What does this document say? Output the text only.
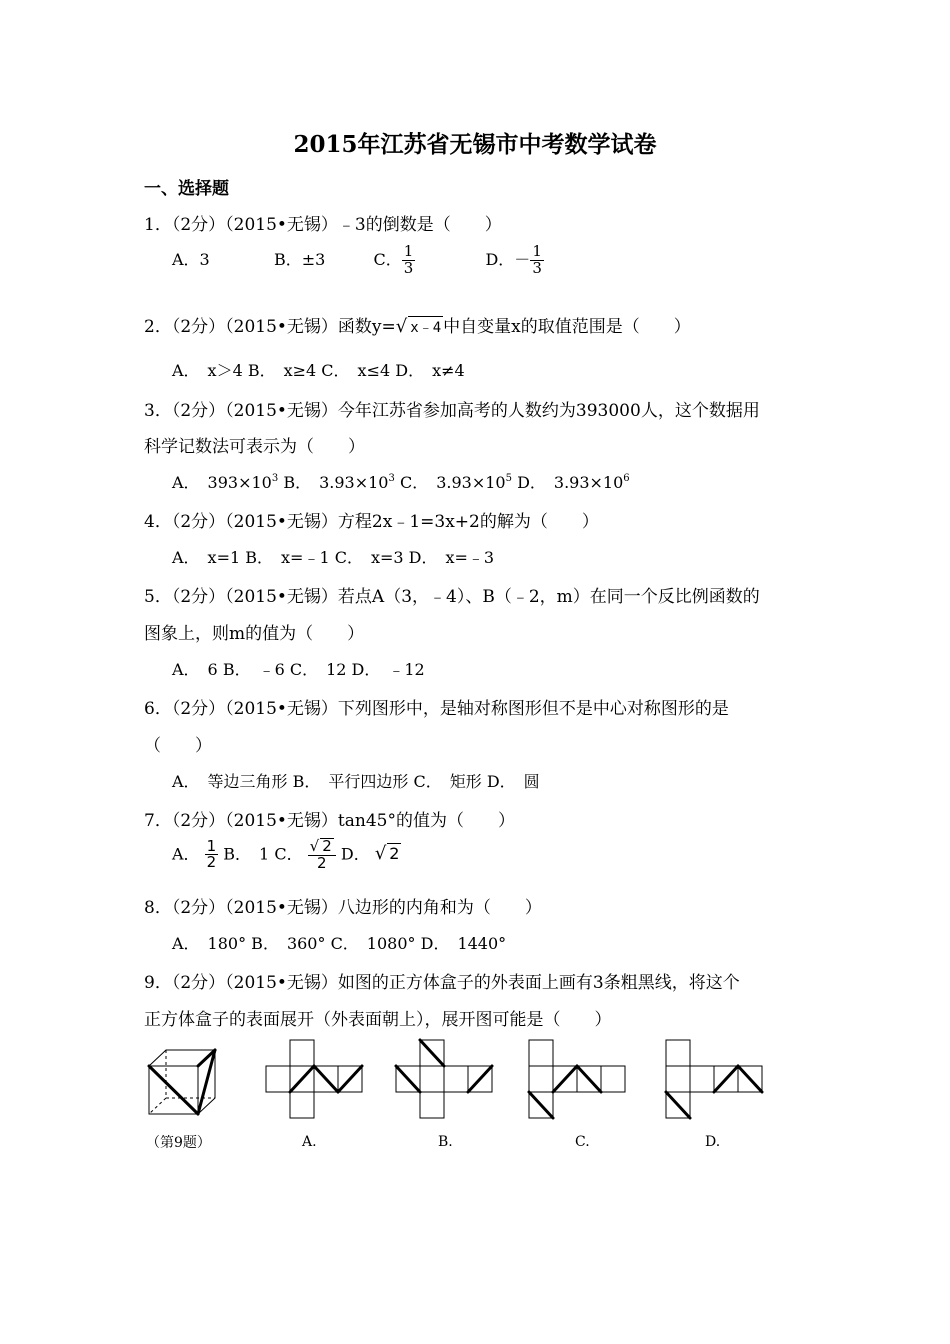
2015年江苏省无锡市中考数学试卷
一、选择题
1．（2分）（2015•无锡）﹣3的倒数是（　　）
A．3	B．±3	C． $\frac{1}{3}$	D．－ $\frac{1}{3}$
2．（2分）（2015•无锡）函数y=√ x﹣4 中自变量x的取值范围是（　　）
A．　x＞4 B．　x≥4 C．　x≤4 D．　x≠4
3．（2分）（2015•无锡）今年江苏省参加高考的人数约为393000人，这个数据用
科学记数法可表示为（　　）
A．　$393\times 10^3$ B．　$3.93\times 10^3$ C．　$3.93\times 10^5$ D．　$3.93\times 10^6$
4．（2分）（2015•无锡）方程2x﹣1=3x+2的解为（　　）
A．　x=1 B．　x=﹣1 C．　x=3 D．　x=﹣3
5．（2分）（2015•无锡）若点A（3，﹣4）、B（﹣2，m）在同一个反比例函数的
图象上，则m的值为（　　）
A．　6 B．　﹣6 C．　12 D．　﹣12
6．（2分）（2015•无锡）下列图形中，是轴对称图形但不是中心对称图形的是
（　　）
A．　等边三角形 B．　平行四边形 C．　矩形 D．　圆
7．（2分）（2015•无锡）tan45°的值为（　　）
A． $\frac{1}{2}$ B．　1 C． $\frac{√ 2}{2}$ D． √ 2
8．（2分）（2015•无锡）八边形的内角和为（　　）
A．　180° B．　360° C．　1080° D．　1440°
9．（2分）（2015•无锡）如图的正方体盒子的外表面上画有3条粗黑线，将这个
正方体盒子的表面展开（外表面朝上），展开图可能是（　　）
（第9题）	A.	B.	C.	D.
